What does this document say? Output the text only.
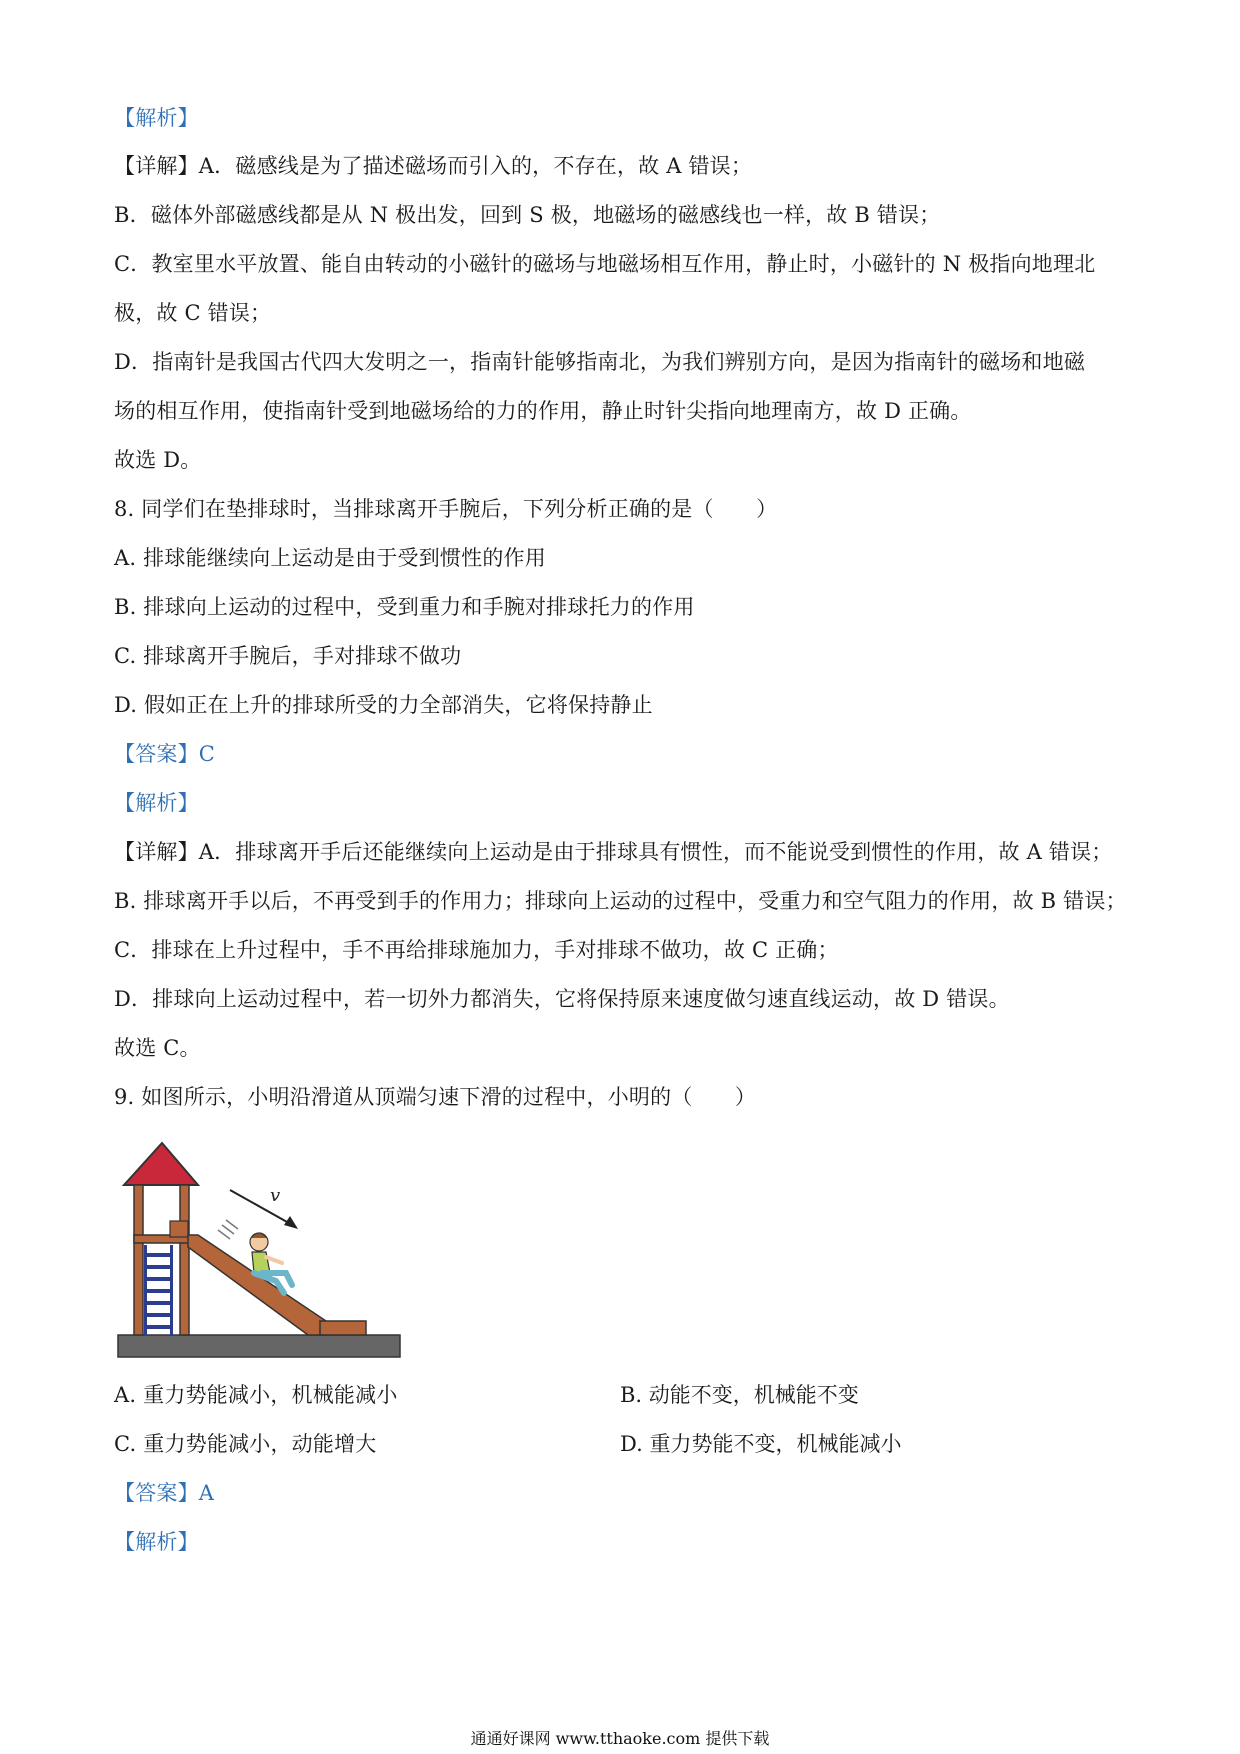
【解析】
【详解】A．磁感线是为了描述磁场而引入的，不存在，故 A 错误；
B．磁体外部磁感线都是从 N 极出发，回到 S 极，地磁场的磁感线也一样，故 B 错误；
C．教室里水平放置、能自由转动的小磁针的磁场与地磁场相互作用，静止时，小磁针的 N 极指向地理北
极，故 C 错误；
D．指南针是我国古代四大发明之一，指南针能够指南北，为我们辨别方向，是因为指南针的磁场和地磁
场的相互作用，使指南针受到地磁场给的力的作用，静止时针尖指向地理南方，故 D 正确。
故选 D。
8. 同学们在垫排球时，当排球离开手腕后，下列分析正确的是（　　）
A. 排球能继续向上运动是由于受到惯性的作用
B. 排球向上运动的过程中，受到重力和手腕对排球托力的作用
C. 排球离开手腕后，手对排球不做功
D. 假如正在上升的排球所受的力全部消失，它将保持静止
【答案】C
【解析】
【详解】A．排球离开手后还能继续向上运动是由于排球具有惯性，而不能说受到惯性的作用，故 A 错误；
B. 排球离开手以后，不再受到手的作用力；排球向上运动的过程中，受重力和空气阻力的作用，故 B 错误；
C．排球在上升过程中，手不再给排球施加力，手对排球不做功，故 C 正确；
D．排球向上运动过程中，若一切外力都消失，它将保持原来速度做匀速直线运动，故 D 错误。
故选 C。
9. 如图所示，小明沿滑道从顶端匀速下滑的过程中，小明的（　　）
v
A. 重力势能减小，机械能减小	B. 动能不变，机械能不变
C. 重力势能减小，动能增大	D. 重力势能不变，机械能减小
【答案】A
【解析】
通通好课网 www.tthaoke.com 提供下载
